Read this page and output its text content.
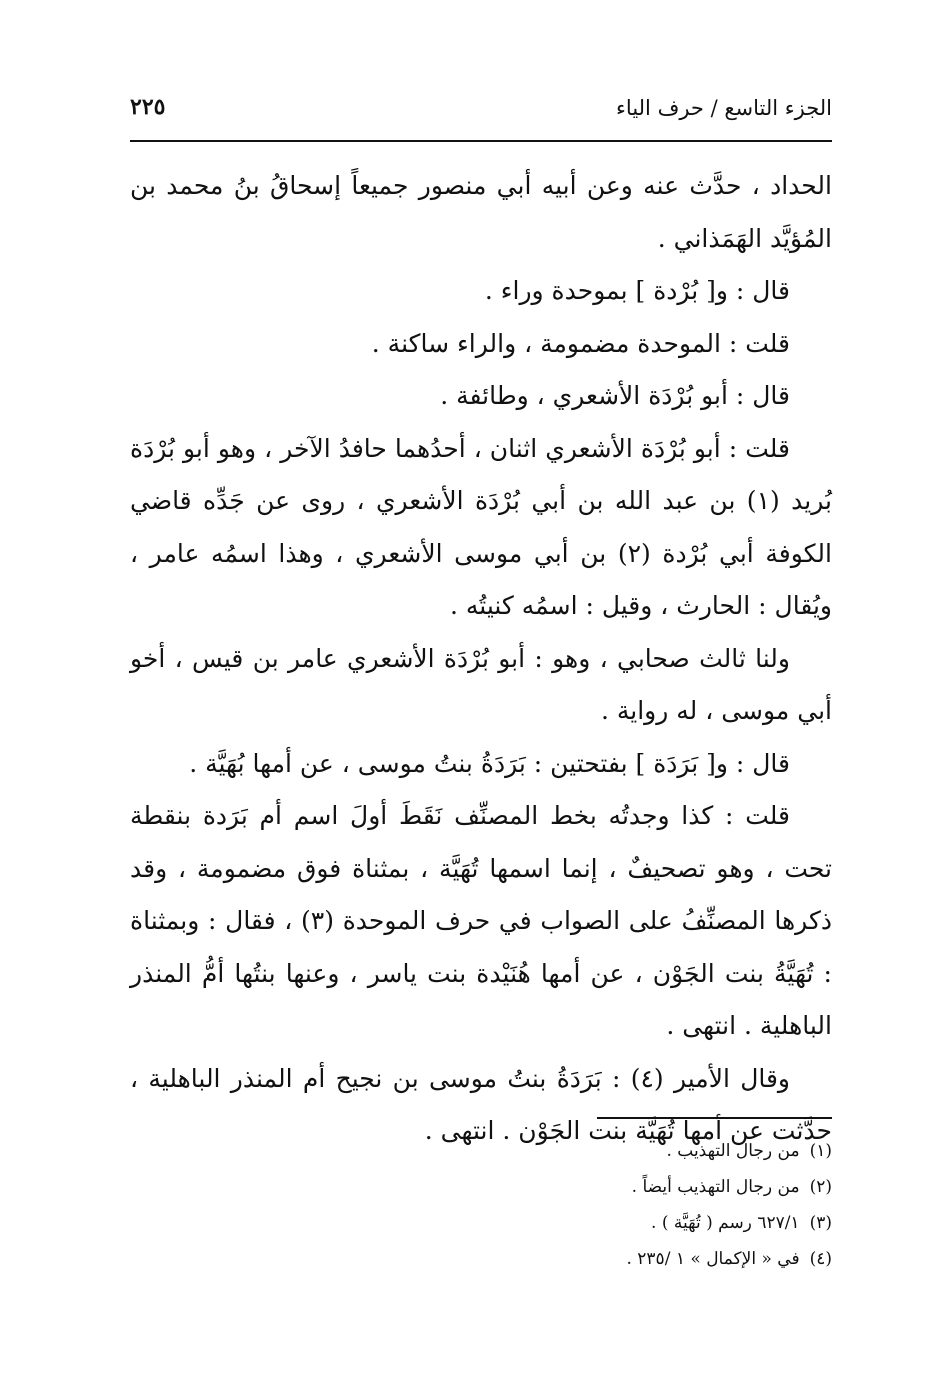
الجزء التاسع / حرف الياء
٢٢٥

الحداد ، حدَّث عنه وعن أبيه أبي منصور جميعاً إسحاقُ بنُ محمد بن المُؤيَّد الهَمَذاني .

قال : و[ بُرْدة ] بموحدة وراء .

قلت : الموحدة مضمومة ، والراء ساكنة .

قال : أبو بُرْدَة الأشعري ، وطائفة .

قلت : أبو بُرْدَة الأشعري اثنان ، أحدُهما حافدُ الآخر ، وهو أبو بُرْدَة بُريد (١) بن عبد الله بن أبي بُرْدَة الأشعري ، روى عن جَدِّه قاضي الكوفة أبي بُرْدة (٢) بن أبي موسى الأشعري ، وهذا اسمُه عامر ، ويُقال : الحارث ، وقيل : اسمُه كنيتُه .

ولنا ثالث صحابي ، وهو : أبو بُرْدَة الأشعري عامر بن قيس ، أخو أبي موسى ، له رواية .

قال : و[ بَرَدَة ] بفتحتين : بَرَدَةُ بنتُ موسى ، عن أمها بُهَيَّة .

قلت : كذا وجدتُه بخط المصنِّف نَقَطَ أولَ اسم أم بَرَدة بنقطة تحت ، وهو تصحيفٌ ، إنما اسمها تُهَيَّة ، بمثناة فوق مضمومة ، وقد ذكرها المصنِّفُ على الصواب في حرف الموحدة (٣) ، فقال : وبمثناة : تُهَيَّةُ بنت الجَوْن ، عن أمها هُنَيْدة بنت ياسر ، وعنها بنتُها أمُّ المنذر الباهلية . انتهى .

وقال الأمير (٤) : بَرَدَةُ بنتُ موسى بن نجيح أم المنذر الباهلية ، حدَّثت عن أمها تُهَيَّة بنت الجَوْن . انتهى .

(١)من رجال التهذيب .
(٢)من رجال التهذيب أيضاً .
(٣)٦٢٧/١ رسم ( تُهَيَّة ) .
(٤)في « الإكمال » ١ /٢٣٥ .
